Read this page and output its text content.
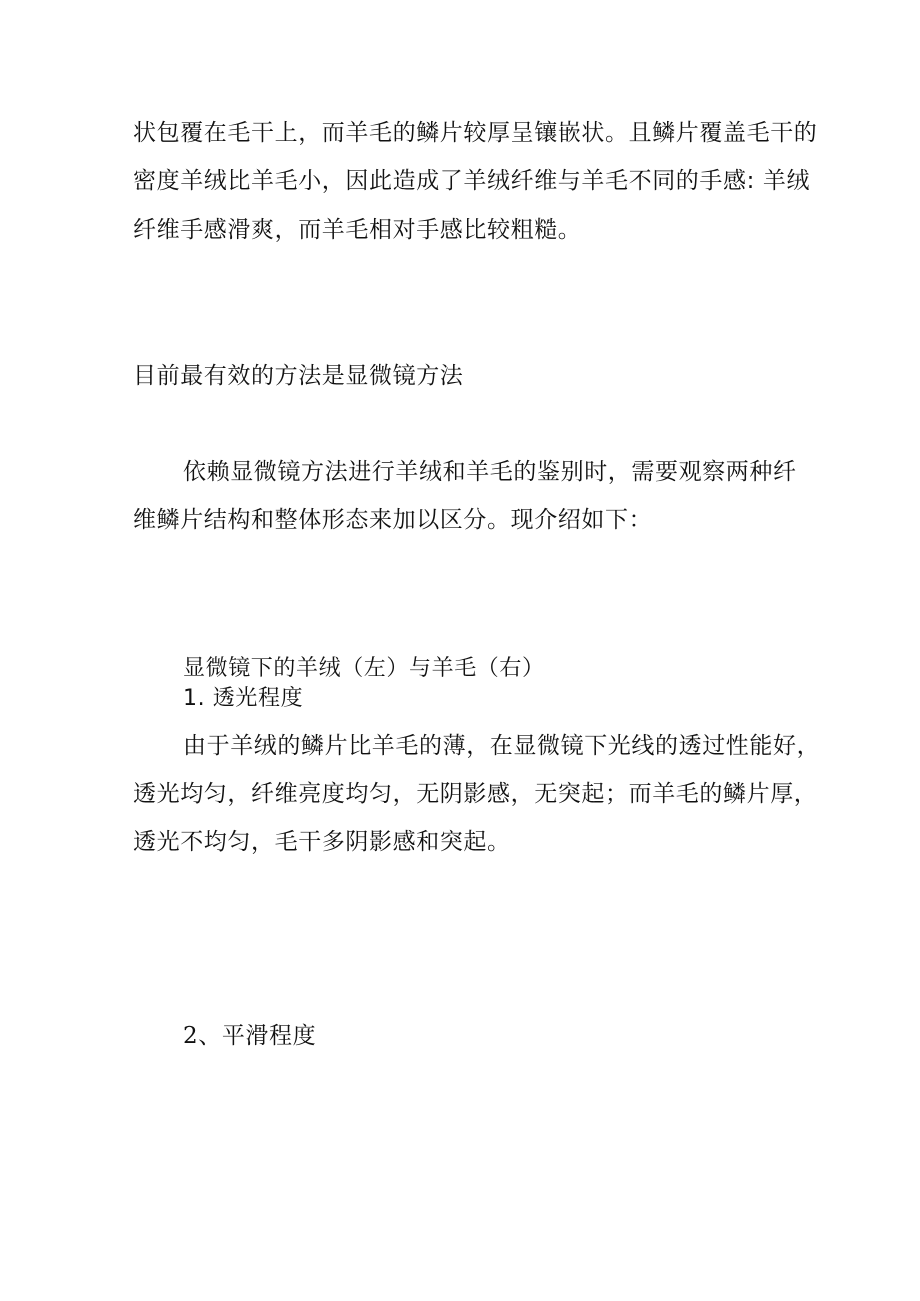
状包覆在毛干上，而羊毛的鳞片较厚呈镶嵌状。且鳞片覆盖毛干的
密度羊绒比羊毛小，因此造成了羊绒纤维与羊毛不同的手感: 羊绒
纤维手感滑爽，而羊毛相对手感比较粗糙。
目前最有效的方法是显微镜方法
依赖显微镜方法进行羊绒和羊毛的鉴别时，需要观察两种纤
维鳞片结构和整体形态来加以区分。现介绍如下：
显微镜下的羊绒（左）与羊毛（右）
1. 透光程度
由于羊绒的鳞片比羊毛的薄，在显微镜下光线的透过性能好，
透光均匀，纤维亮度均匀，无阴影感，无突起；而羊毛的鳞片厚，
透光不均匀，毛干多阴影感和突起。
2、平滑程度
